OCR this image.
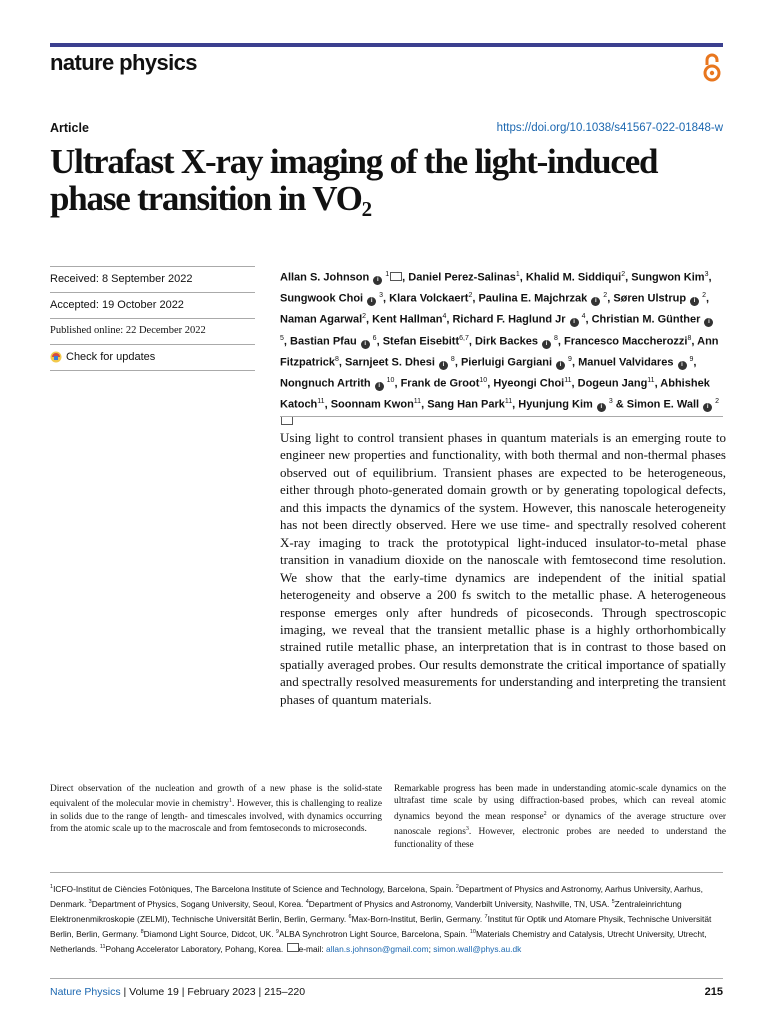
nature physics
Article	https://doi.org/10.1038/s41567-022-01848-w
Ultrafast X-ray imaging of the light-induced phase transition in $VO_2$
Received: 8 September 2022
Accepted: 19 October 2022
Published online: 22 December 2022
Check for updates
Allan S. Johnson i $^1$ , Daniel Perez-Salinas$^1$, Khalid M. Siddiqui$^2$, Sungwon Kim$^3$, Sungwook Choi i $^3$, Klara Volckaert$^2$, Paulina E. Majchrzak i $^2$, Søren Ulstrup i $^2$, Naman Agarwal$^2$, Kent Hallman$^4$, Richard F. Haglund Jr i $^4$, Christian M. Günther i $^5$, Bastian Pfau i $^6$, Stefan Eisebitt$^{6,7}$, Dirk Backes i $^8$, Francesco Maccherozzi$^8$, Ann Fitzpatrick$^8$, Sarnjeet S. Dhesi i $^8$, Pierluigi Gargiani i $^9$, Manuel Valvidares i $^9$, Nongnuch Artrith i $^{10}$, Frank de Groot$^{10}$, Hyeongi Choi$^{11}$, Dogeun Jang$^{11}$, Abhishek Katoch$^{11}$, Soonnam Kwon$^{11}$, Sang Han Park$^{11}$, Hyunjung Kim i $^3$ & Simon E. Wall i $^2$

Using light to control transient phases in quantum materials is an emerging route to engineer new properties and functionality, with both thermal and non-thermal phases observed out of equilibrium. Transient phases are expected to be heterogeneous, either through photo-generated domain growth or by generating topological defects, and this impacts the dynamics of the system. However, this nanoscale heterogeneity has not been directly observed. Here we use time- and spectrally resolved coherent X-ray imaging to track the prototypical light-induced insulator-to-metal phase transition in vanadium dioxide on the nanoscale with femtosecond time resolution. We show that the early-time dynamics are independent of the initial spatial heterogeneity and observe a 200 fs switch to the metallic phase. A heterogeneous response emerges only after hundreds of picoseconds. Through spectroscopic imaging, we reveal that the transient metallic phase is a highly orthorhombically strained rutile metallic phase, an interpretation that is in contrast to those based on spatially averaged probes. Our results demonstrate the critical importance of spatially and spectrally resolved measurements for understanding and interpreting the transient phases of quantum materials.

Direct observation of the nucleation and growth of a new phase is the solid-state equivalent of the molecular movie in chemistry$^1$. However, this is challenging to realize in solids due to the range of length- and timescales involved, with dynamics occurring from the atomic scale up to the macroscale and from femtoseconds to microseconds.

Remarkable progress has been made in understanding atomic-scale dynamics on the ultrafast time scale by using diffraction-based probes, which can reveal atomic dynamics beyond the mean response$^2$ or dynamics of the average structure over nanoscale regions$^3$. However, electronic probes are needed to understand the functionality of these

$^1$ICFO-Institut de Ciències Fotòniques, The Barcelona Institute of Science and Technology, Barcelona, Spain. $^2$Department of Physics and Astronomy, Aarhus University, Aarhus, Denmark. $^3$Department of Physics, Sogang University, Seoul, Korea. $^4$Department of Physics and Astronomy, Vanderbilt University, Nashville, TN, USA. $^5$Zentraleinrichtung Elektronenmikroskopie (ZELMI), Technische Universität Berlin, Berlin, Germany. $^6$Max-Born-Institut, Berlin, Germany. $^7$Institut für Optik und Atomare Physik, Technische Universität Berlin, Berlin, Germany. $^8$Diamond Light Source, Didcot, UK. $^9$ALBA Synchrotron Light Source, Barcelona, Spain. $^{10}$Materials Chemistry and Catalysis, Utrecht University, Utrecht, Netherlands. $^{11}$Pohang Accelerator Laboratory, Pohang, Korea. e-mail: allan.s.johnson@gmail.com; simon.wall@phys.au.dk

Nature Physics | Volume 19 | February 2023 | 215–220	215
